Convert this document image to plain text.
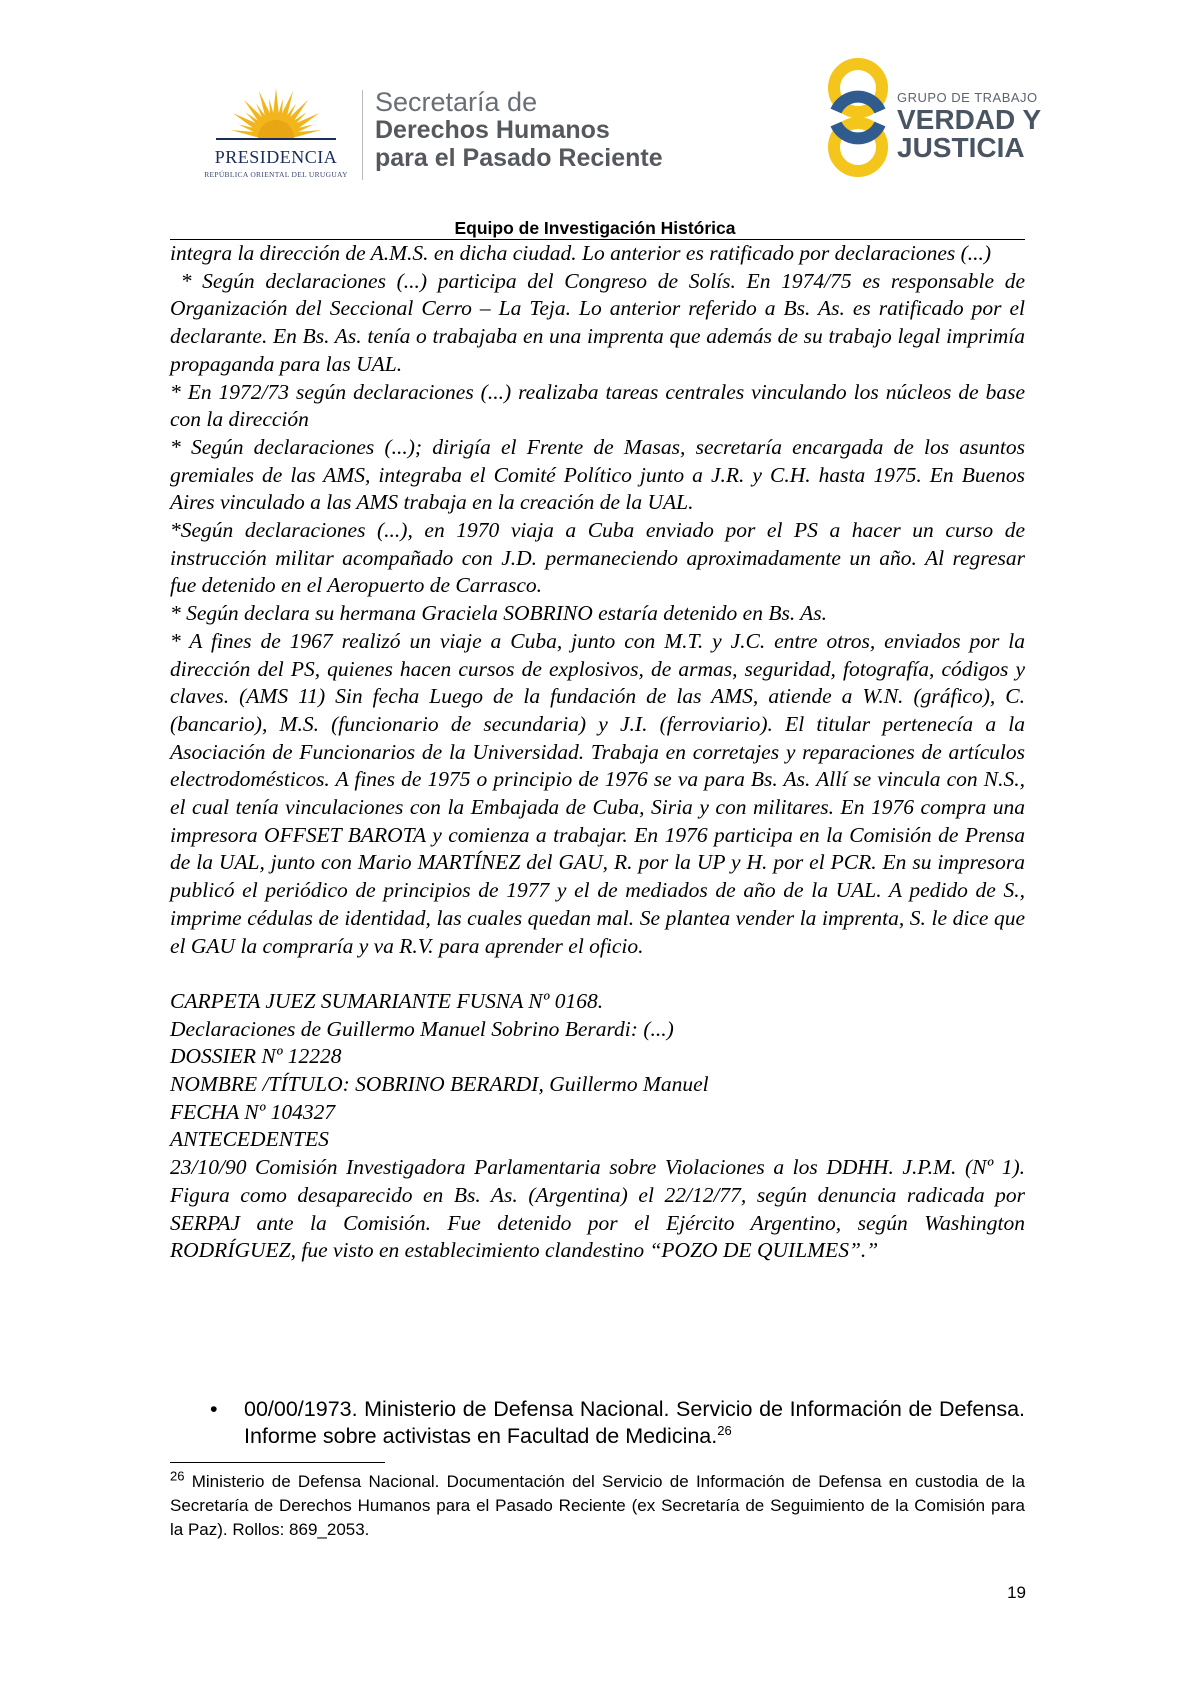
PRESIDENCIA
REPÚBLICA ORIENTAL DEL URUGUAY
Secretaría de
Derechos Humanos
para el Pasado Reciente
GRUPO DE TRABAJO
VERDAD Y
JUSTICIA
Equipo de Investigación Histórica

integra la dirección de A.M.S. en dicha ciudad. Lo anterior es ratificado por declaraciones (...)

* Según declaraciones (...) participa del Congreso de Solís. En 1974/75 es responsable de Organización del Seccional Cerro – La Teja. Lo anterior referido a Bs. As. es ratificado por el declarante. En Bs. As. tenía o trabajaba en una imprenta que además de su trabajo legal imprimía propaganda para las UAL.

* En 1972/73 según declaraciones (...) realizaba tareas centrales vinculando los núcleos de base con la dirección

* Según declaraciones (...); dirigía el Frente de Masas, secretaría encargada de los asuntos gremiales de las AMS, integraba el Comité Político junto a J.R. y C.H. hasta 1975. En Buenos Aires vinculado a las AMS trabaja en la creación de la UAL.

*Según declaraciones (...), en 1970 viaja a Cuba enviado por el PS a hacer un curso de instrucción militar acompañado con J.D. permaneciendo aproximadamente un año. Al regresar fue detenido en el Aeropuerto de Carrasco.

* Según declara su hermana Graciela SOBRINO estaría detenido en Bs. As.

* A fines de 1967 realizó un viaje a Cuba, junto con M.T. y J.C. entre otros, enviados por la dirección del PS, quienes hacen cursos de explosivos, de armas, seguridad, fotografía, códigos y claves. (AMS 11) Sin fecha Luego de la fundación de las AMS, atiende a W.N. (gráfico), C. (bancario), M.S. (funcionario de secundaria) y J.I. (ferroviario). El titular pertenecía a la Asociación de Funcionarios de la Universidad. Trabaja en corretajes y reparaciones de artículos electrodomésticos. A fines de 1975 o principio de 1976 se va para Bs. As. Allí se vincula con N.S., el cual tenía vinculaciones con la Embajada de Cuba, Siria y con militares. En 1976 compra una impresora OFFSET BAROTA y comienza a trabajar. En 1976 participa en la Comisión de Prensa de la UAL, junto con Mario MARTÍNEZ del GAU, R. por la UP y H. por el PCR. En su impresora publicó el periódico de principios de 1977 y el de mediados de año de la UAL. A pedido de S., imprime cédulas de identidad, las cuales quedan mal. Se plantea vender la imprenta, S. le dice que el GAU la compraría y va R.V. para aprender el oficio.

CARPETA JUEZ SUMARIANTE FUSNA Nº 0168.

Declaraciones de Guillermo Manuel Sobrino Berardi: (...)

DOSSIER Nº 12228

NOMBRE /TÍTULO: SOBRINO BERARDI, Guillermo Manuel

FECHA Nº 104327

ANTECEDENTES

23/10/90 Comisión Investigadora Parlamentaria sobre Violaciones a los DDHH. J.P.M. (Nº 1). Figura como desaparecido en Bs. As. (Argentina) el 22/12/77, según denuncia radicada por SERPAJ ante la Comisión. Fue detenido por el Ejército Argentino, según Washington RODRÍGUEZ, fue visto en establecimiento clandestino “POZO DE QUILMES”.”

• 00/00/1973. Ministerio de Defensa Nacional. Servicio de Información de Defensa. Informe sobre activistas en Facultad de Medicina.$^{26}$
$^{26}$ Ministerio de Defensa Nacional. Documentación del Servicio de Información de Defensa en custodia de la Secretaría de Derechos Humanos para el Pasado Reciente (ex Secretaría de Seguimiento de la Comisión para la Paz). Rollos: 869_2053.
19
